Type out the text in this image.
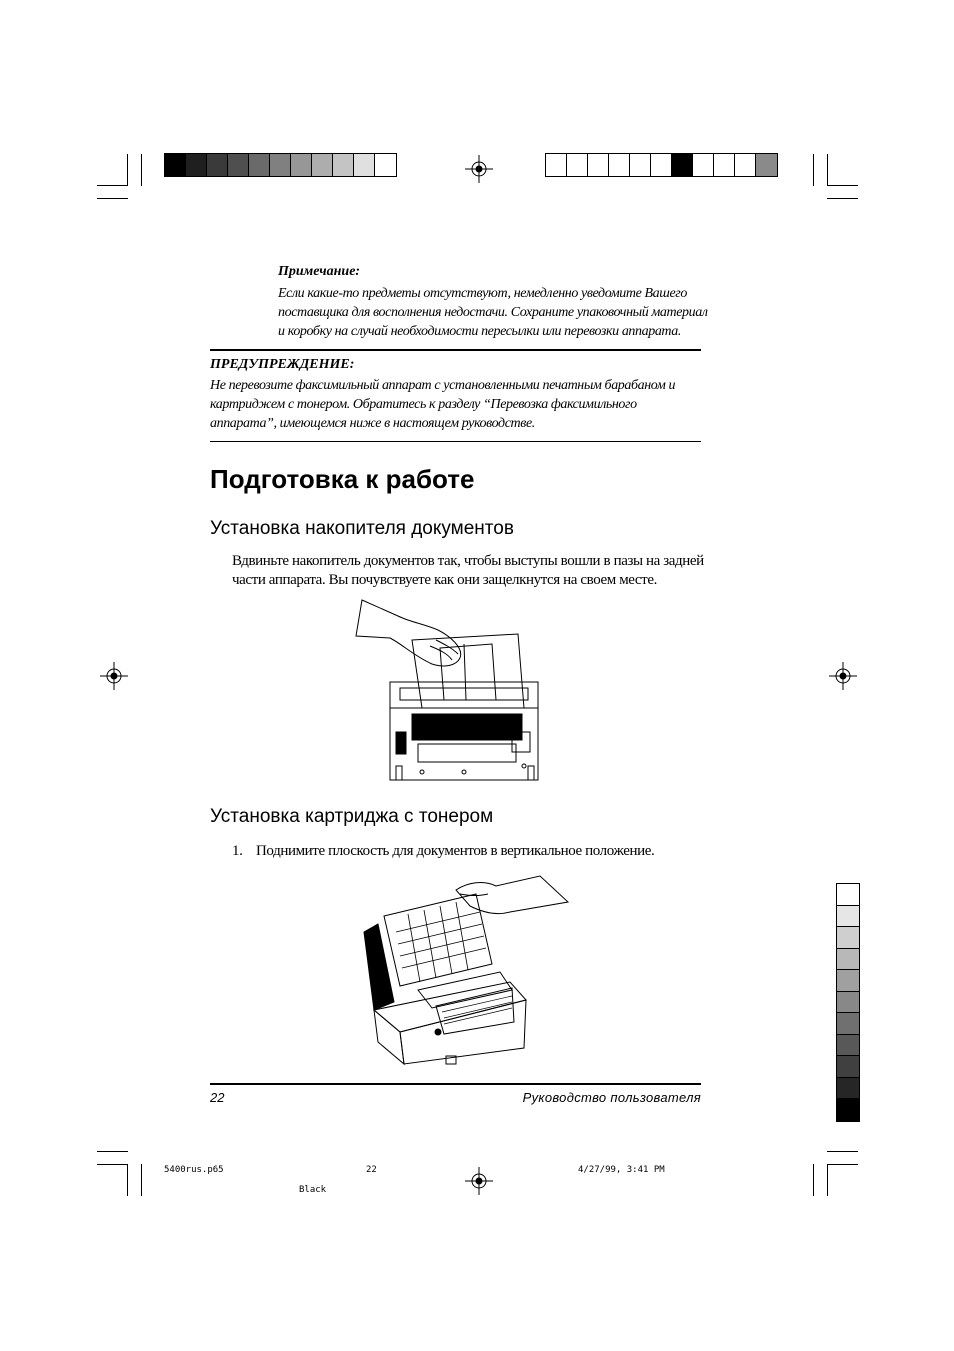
Примечание:
Если какие-то предметы отсутствуют, немедленно уведомите Вашего поставщика для восполнения недостачи. Сохраните упаковочный материал и коробку на случай необходимости пересылки или перевозки аппарата.
ПРЕДУПРЕЖДЕНИЕ:
Не перевозите факсимильный аппарат с установленными печатным барабаном и картриджем с тонером. Обратитесь к разделу “Перевозка факсимильного аппарата”, имеющемся ниже в настоящем руководстве.
Подготовка к работе
Установка накопителя документов
Вдвиньте накопитель документов так, чтобы выступы вошли в пазы на задней части аппарата. Вы почувствуете как они защелкнутся на своем месте.
Установка картриджа с тонером
1. Поднимите плоскость для документов в вертикальное положение.
22	Руководство пользователя
5400rus.p65	22	4/27/99, 3:41 PM
Black
